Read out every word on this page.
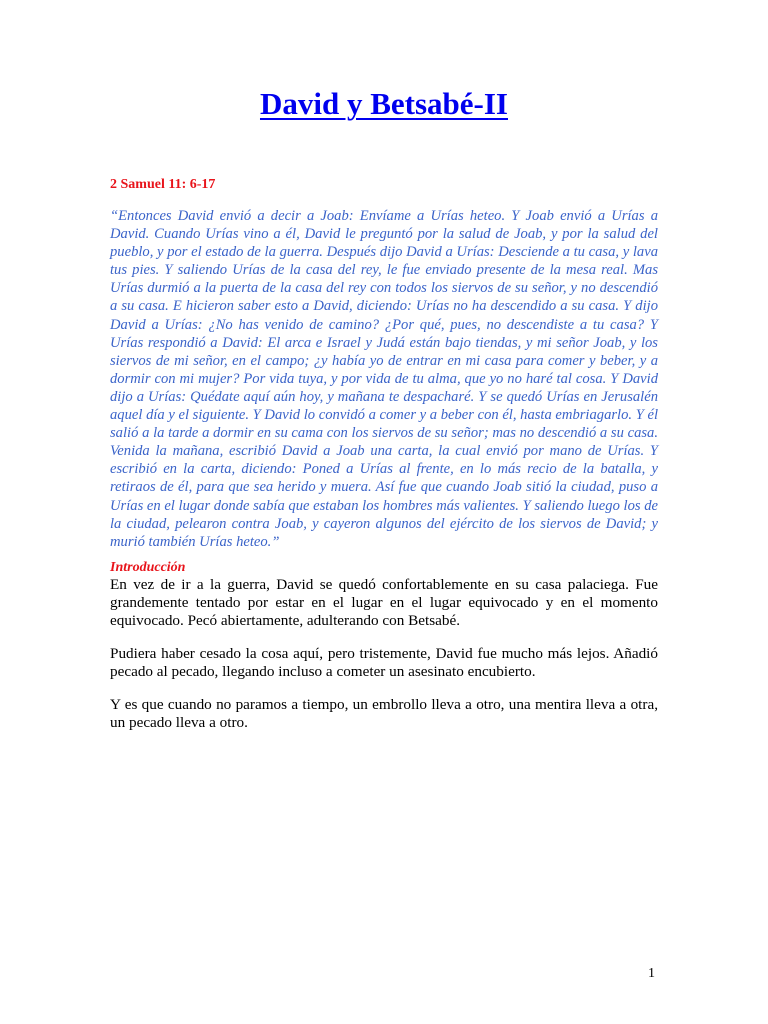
David y Betsabé-II

2 Samuel 11: 6-17

“Entonces David envió a decir a Joab: Envíame a Urías heteo. Y Joab envió a Urías a David. Cuando Urías vino a él, David le preguntó por la salud de Joab, y por la salud del pueblo, y por el estado de la guerra. Después dijo David a Urías: Desciende a tu casa, y lava tus pies. Y saliendo Urías de la casa del rey, le fue enviado presente de la mesa real. Mas Urías durmió a la puerta de la casa del rey con todos los siervos de su señor, y no descendió a su casa. E hicieron saber esto a David, diciendo: Urías no ha descendido a su casa. Y dijo David a Urías: ¿No has venido de camino? ¿Por qué, pues, no descendiste a tu casa? Y Urías respondió a David: El arca e Israel y Judá están bajo tiendas, y mi señor Joab, y los siervos de mi señor, en el campo; ¿y había yo de entrar en mi casa para comer y beber, y a dormir con mi mujer? Por vida tuya, y por vida de tu alma, que yo no haré tal cosa. Y David dijo a Urías: Quédate aquí aún hoy, y mañana te despacharé. Y se quedó Urías en Jerusalén aquel día y el siguiente. Y David lo convidó a comer y a beber con él, hasta embriagarlo. Y él salió a la tarde a dormir en su cama con los siervos de su señor; mas no descendió a su casa. Venida la mañana, escribió David a Joab una carta, la cual envió por mano de Urías. Y escribió en la carta, diciendo: Poned a Urías al frente, en lo más recio de la batalla, y retiraos de él, para que sea herido y muera. Así fue que cuando Joab sitió la ciudad, puso a Urías en el lugar donde sabía que estaban los hombres más valientes. Y saliendo luego los de la ciudad, pelearon contra Joab, y cayeron algunos del ejército de los siervos de David; y murió también Urías heteo.”

Introducción

En vez de ir a la guerra, David se quedó confortablemente en su casa palaciega. Fue grandemente tentado por estar en el lugar en el lugar equivocado y en el momento equivocado. Pecó abiertamente, adulterando con Betsabé.

Pudiera haber cesado la cosa aquí, pero tristemente, David fue mucho más lejos. Añadió pecado al pecado, llegando incluso a cometer un asesinato encubierto.

Y es que cuando no paramos a tiempo, un embrollo lleva a otro, una mentira lleva a otra, un pecado lleva a otro.

1
